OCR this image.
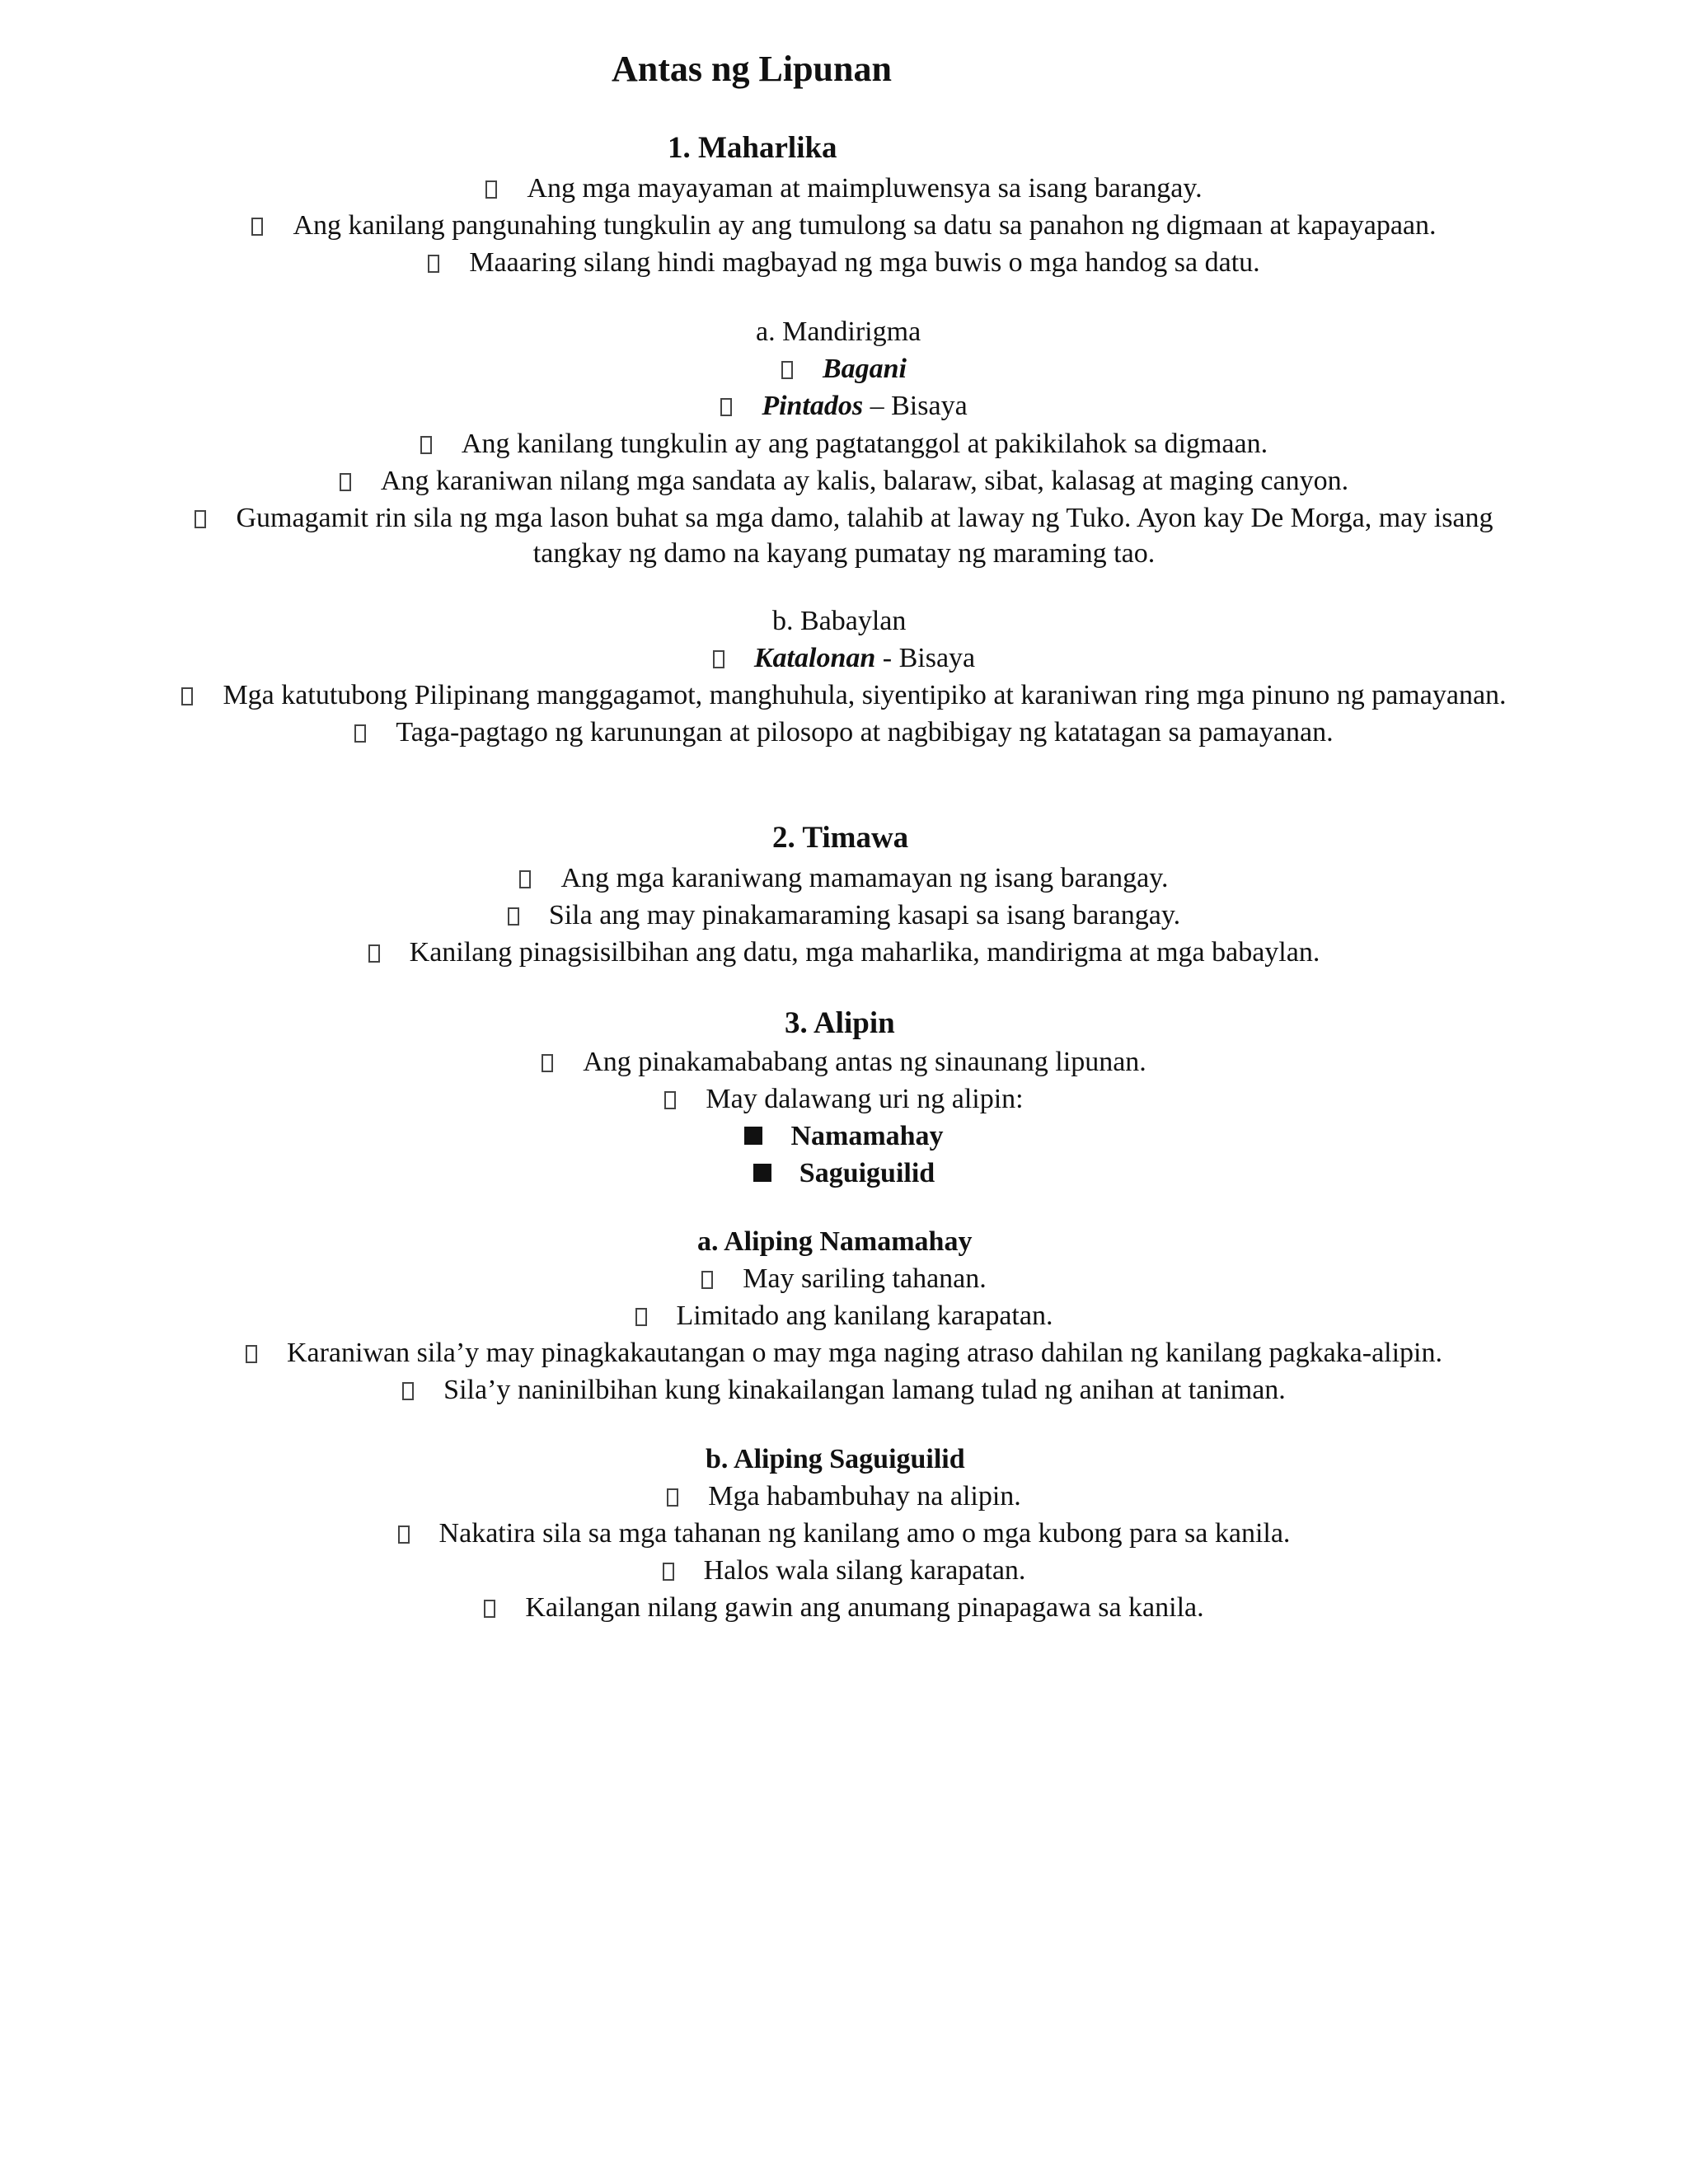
Antas ng Lipunan
1. Maharlika
Ang mga mayayaman at maimpluwensya sa isang barangay.
Ang kanilang pangunahing tungkulin ay ang tumulong sa datu sa panahon ng digmaan at kapayapaan.
Maaaring silang hindi magbayad ng mga buwis o mga handog sa datu.
a. Mandirigma
Bagani
Pintados – Bisaya
Ang kanilang tungkulin ay ang pagtatanggol at pakikilahok sa digmaan.
Ang karaniwan nilang mga sandata ay kalis, balaraw, sibat, kalasag at maging canyon.
Gumagamit rin sila ng mga lason buhat sa mga damo, talahib at laway ng Tuko. Ayon kay De Morga, may isang
tangkay ng damo na kayang pumatay ng maraming tao.
b. Babaylan
Katalonan - Bisaya
Mga katutubong Pilipinang manggagamot, manghuhula, siyentipiko at karaniwan ring mga pinuno ng pamayanan.
Taga-pagtago ng karunungan at pilosopo at nagbibigay ng katatagan sa pamayanan.
2. Timawa
Ang mga karaniwang mamamayan ng isang barangay.
Sila ang may pinakamaraming kasapi sa isang barangay.
Kanilang pinagsisilbihan ang datu, mga maharlika, mandirigma at mga babaylan.
3. Alipin
Ang pinakamababang antas ng sinaunang lipunan.
May dalawang uri ng alipin:
Namamahay
Saguiguilid
a. Aliping Namamahay
May sariling tahanan.
Limitado ang kanilang karapatan.
Karaniwan sila’y may pinagkakautangan o may mga naging atraso dahilan ng kanilang pagkaka-alipin.
Sila’y naninilbihan kung kinakailangan lamang tulad ng anihan at taniman.
b. Aliping Saguiguilid
Mga habambuhay na alipin.
Nakatira sila sa mga tahanan ng kanilang amo o mga kubong para sa kanila.
Halos wala silang karapatan.
Kailangan nilang gawin ang anumang pinapagawa sa kanila.
